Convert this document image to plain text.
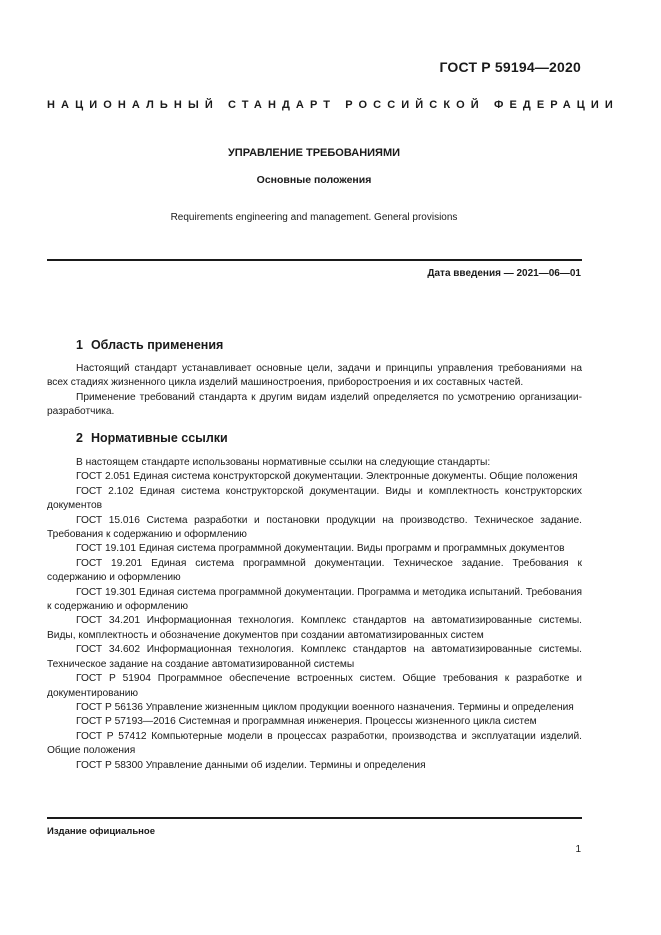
ГОСТ Р 59194—2020
НАЦИОНАЛЬНЫЙ СТАНДАРТ РОССИЙСКОЙ ФЕДЕРАЦИИ
УПРАВЛЕНИЕ ТРЕБОВАНИЯМИ
Основные положения
Requirements engineering and management. General provisions
Дата введения — 2021—06—01
1 Область применения

Настоящий стандарт устанавливает основные цели, задачи и принципы управления требованиями на всех стадиях жизненного цикла изделий машиностроения, приборостроения и их составных частей.

Применение требований стандарта к другим видам изделий определяется по усмотрению организации-разработчика.

2 Нормативные ссылки

В настоящем стандарте использованы нормативные ссылки на следующие стандарты:

ГОСТ 2.051 Единая система конструкторской документации. Электронные документы. Общие положения

ГОСТ 2.102 Единая система конструкторской документации. Виды и комплектность конструкторских документов

ГОСТ 15.016 Система разработки и постановки продукции на производство. Техническое задание. Требования к содержанию и оформлению

ГОСТ 19.101 Единая система программной документации. Виды программ и программных документов

ГОСТ 19.201 Единая система программной документации. Техническое задание. Требования к содержанию и оформлению

ГОСТ 19.301 Единая система программной документации. Программа и методика испытаний. Требования к содержанию и оформлению

ГОСТ 34.201 Информационная технология. Комплекс стандартов на автоматизированные системы. Виды, комплектность и обозначение документов при создании автоматизированных систем

ГОСТ 34.602 Информационная технология. Комплекс стандартов на автоматизированные системы. Техническое задание на создание автоматизированной системы

ГОСТ Р 51904 Программное обеспечение встроенных систем. Общие требования к разработке и документированию

ГОСТ Р 56136 Управление жизненным циклом продукции военного назначения. Термины и определения

ГОСТ Р 57193—2016 Системная и программная инженерия. Процессы жизненного цикла систем

ГОСТ Р 57412 Компьютерные модели в процессах разработки, производства и эксплуатации изделий. Общие положения

ГОСТ Р 58300 Управление данными об изделии. Термины и определения

Издание официальное
1
